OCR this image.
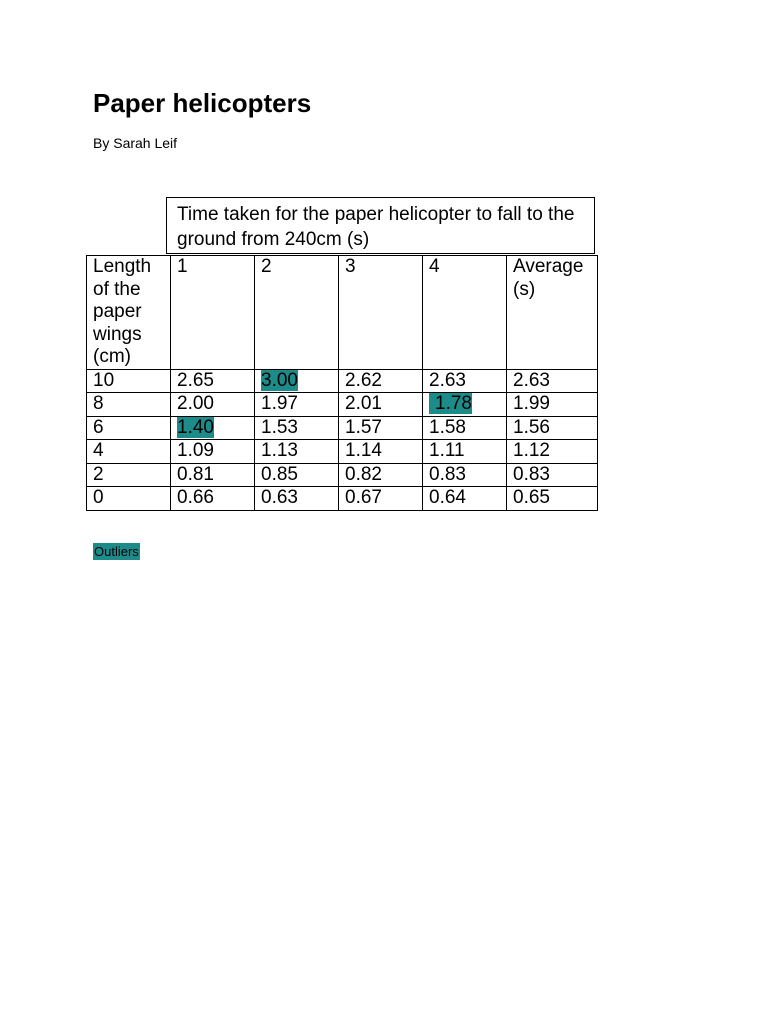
Paper helicopters
By Sarah Leif
Time taken for the paper helicopter to fall to the ground from 240cm (s)
Length of the paper wings (cm)	1	2	3	4	Average (s)
10	2.65	3.00	2.62	2.63	2.63
8	2.00	1.97	2.01	1.78	1.99
6	1.40	1.53	1.57	1.58	1.56
4	1.09	1.13	1.14	1.11	1.12
2	0.81	0.85	0.82	0.83	0.83
0	0.66	0.63	0.67	0.64	0.65
Outliers
